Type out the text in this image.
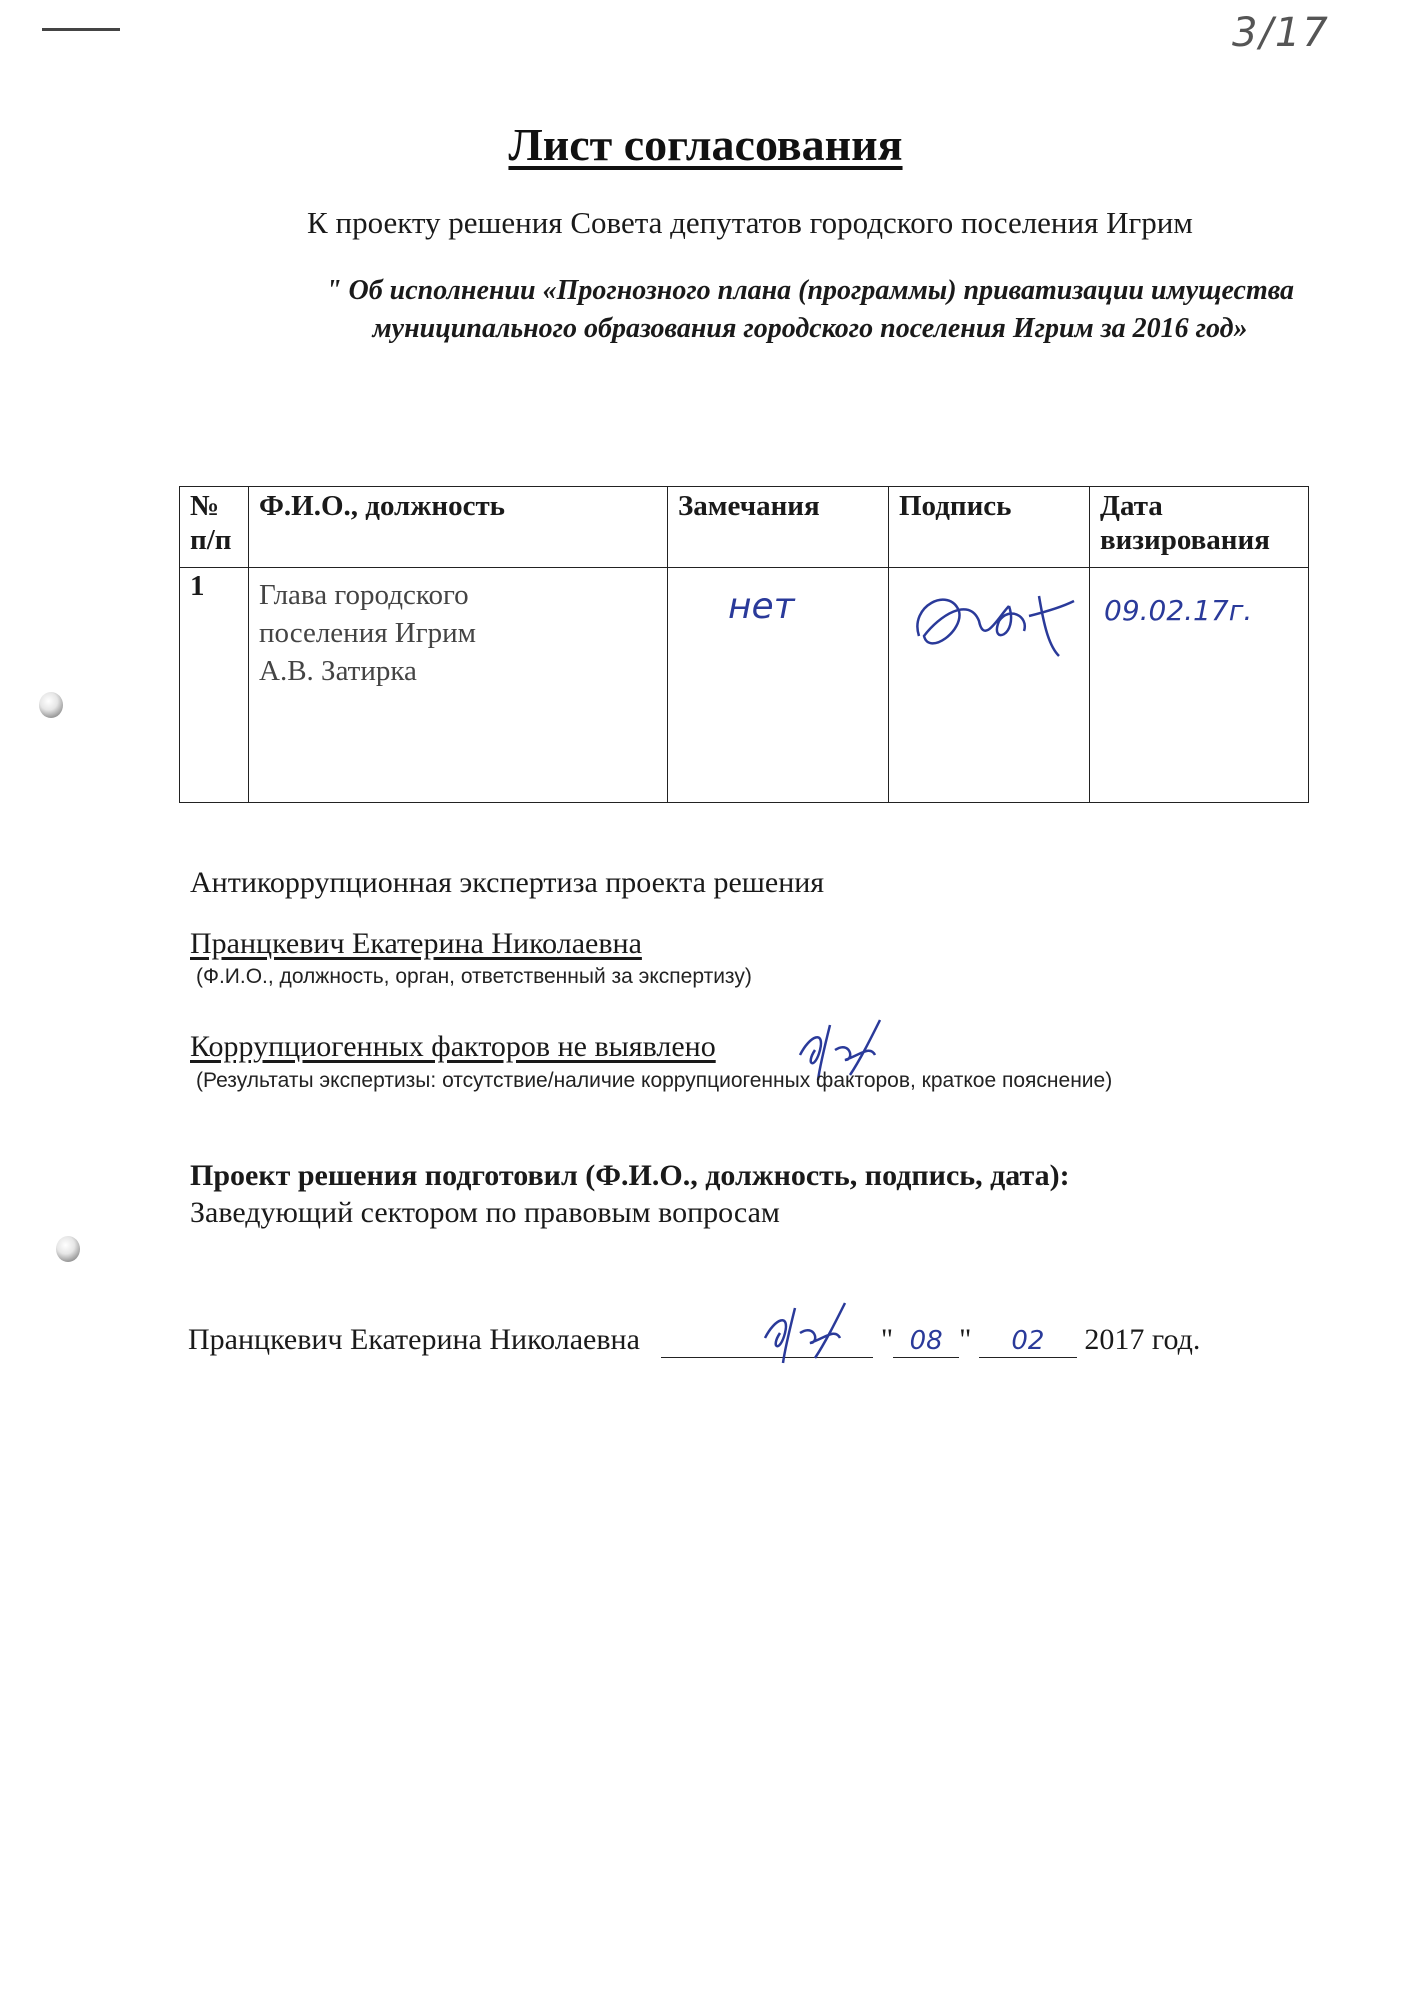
3/17
Лист согласования
К проекту решения Совета депутатов городского поселения Игрим
" Об исполнении «Прогнозного плана (программы) приватизации имущества
муниципального образования городского поселения Игрим за 2016 год»
№ п/п	Ф.И.О., должность	Замечания	Подпись	Дата визирования
1	Глава городского
поселения Игрим
А.В. Затирка	нет		09.02.17г.
Антикоррупционная экспертиза проекта решения
Пранцкевич Екатерина Николаевна
(Ф.И.О., должность, орган, ответственный за экспертизу)
Коррупциогенных факторов не выявлено
(Результаты экспертизы: отсутствие/наличие коррупциогенных факторов, краткое пояснение)
Проект решения подготовил (Ф.И.О., должность, подпись, дата):
Заведующий сектором по правовым вопросам
Пранцкевич Екатерина Николаевна	" 08 " 02 2017 год.
